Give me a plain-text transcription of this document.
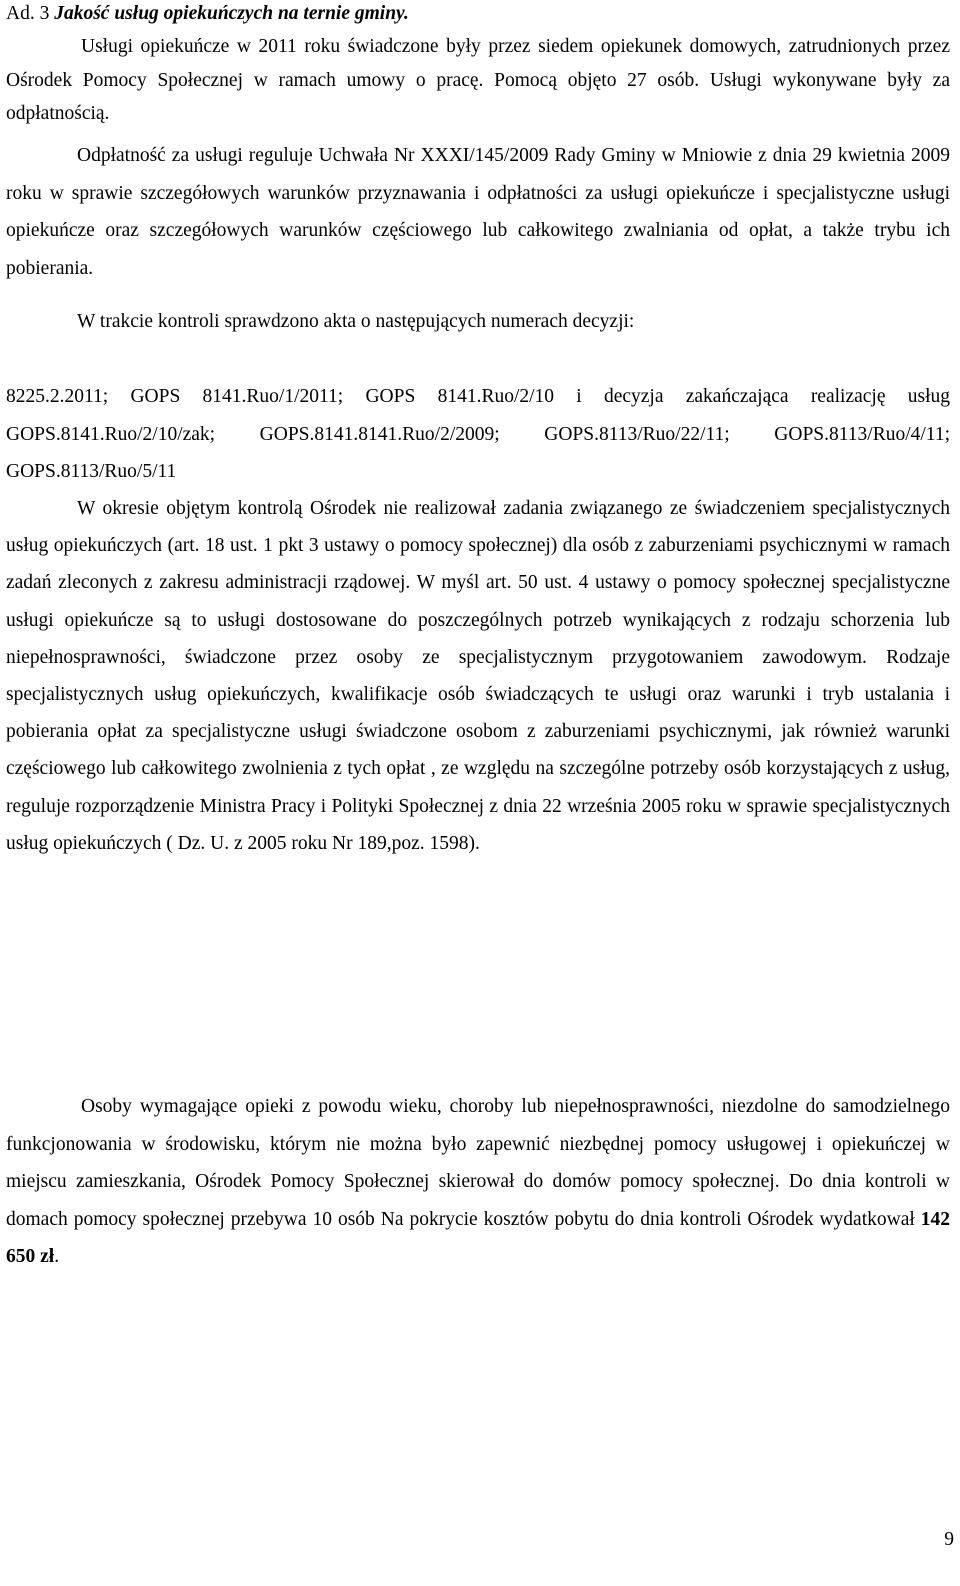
Ad. 3 Jakość usług opiekuńczych na ternie gminy.

Usługi opiekuńcze w 2011 roku świadczone były przez siedem opiekunek domowych, zatrudnionych przez Ośrodek Pomocy Społecznej w ramach umowy o pracę. Pomocą objęto 27 osób. Usługi wykonywane były za odpłatnością.

Odpłatność za usługi reguluje Uchwała Nr XXXI/145/2009 Rady Gminy w Mniowie z dnia 29 kwietnia 2009 roku w sprawie szczegółowych warunków przyznawania i odpłatności za usługi opiekuńcze i specjalistyczne usługi opiekuńcze oraz szczegółowych warunków częściowego lub całkowitego zwalniania od opłat, a także trybu ich pobierania.

W trakcie kontroli sprawdzono akta o następujących numerach decyzji:

8225.2.2011; GOPS 8141.Ruo/1/2011; GOPS 8141.Ruo/2/10 i decyzja zakańczająca realizację usług GOPS.8141.Ruo/2/10/zak; GOPS.8141.8141.Ruo/2/2009; GOPS.8113/Ruo/22/11; GOPS.8113/Ruo/4/11; GOPS.8113/Ruo/5/11

W okresie objętym kontrolą Ośrodek nie realizował zadania związanego ze świadczeniem specjalistycznych usług opiekuńczych (art. 18 ust. 1 pkt 3 ustawy o pomocy społecznej) dla osób z zaburzeniami psychicznymi w ramach zadań zleconych z zakresu administracji rządowej. W myśl art. 50 ust. 4 ustawy o pomocy społecznej specjalistyczne usługi opiekuńcze są to usługi dostosowane do poszczególnych potrzeb wynikających z rodzaju schorzenia lub niepełnosprawności, świadczone przez osoby ze specjalistycznym przygotowaniem zawodowym. Rodzaje specjalistycznych usług opiekuńczych, kwalifikacje osób świadczących te usługi oraz warunki i tryb ustalania i pobierania opłat za specjalistyczne usługi świadczone osobom z zaburzeniami psychicznymi, jak również warunki częściowego lub całkowitego zwolnienia z tych opłat , ze względu na szczególne potrzeby osób korzystających z usług, reguluje rozporządzenie Ministra Pracy i Polityki Społecznej z dnia 22 września 2005 roku w sprawie specjalistycznych usług opiekuńczych ( Dz. U. z 2005 roku Nr 189,poz. 1598).

Osoby wymagające opieki z powodu wieku, choroby lub niepełnosprawności, niezdolne do samodzielnego funkcjonowania w środowisku, którym nie można było zapewnić niezbędnej pomocy usługowej i opiekuńczej w miejscu zamieszkania, Ośrodek Pomocy Społecznej skierował do domów pomocy społecznej. Do dnia kontroli w domach pomocy społecznej przebywa 10 osób Na pokrycie kosztów pobytu do dnia kontroli Ośrodek wydatkował 142 650 zł.

9
